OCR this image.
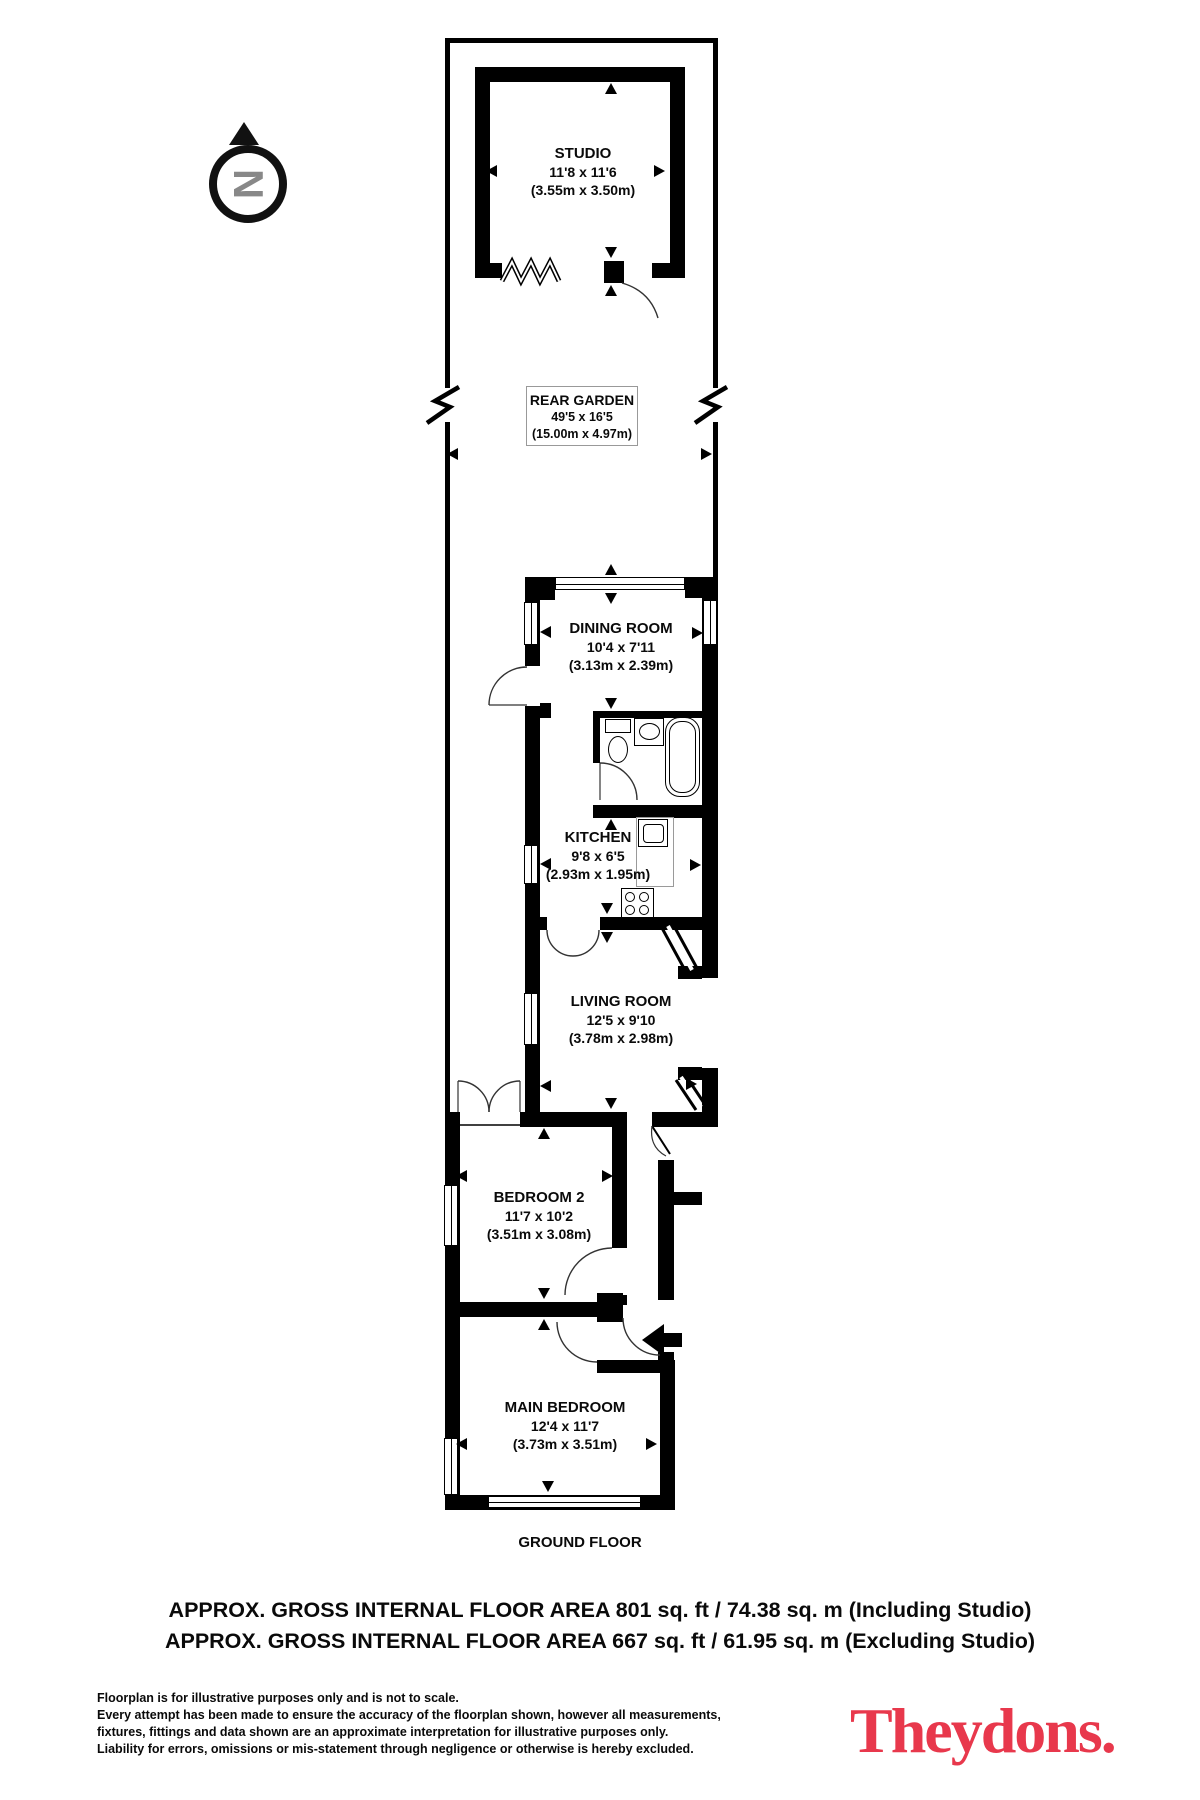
N
STUDIO
11'8 x 11'6
(3.55m x 3.50m)
REAR GARDEN
49'5 x 16'5
(15.00m x 4.97m)
DINING ROOM
10'4 x 7'11
(3.13m x 2.39m)
KITCHEN
9'8 x 6'5
(2.93m x 1.95m)
LIVING ROOM
12'5 x 9'10
(3.78m x 2.98m)
BEDROOM 2
11'7 x 10'2
(3.51m x 3.08m)
MAIN BEDROOM
12'4 x 11'7
(3.73m x 3.51m)
GROUND FLOOR
APPROX. GROSS INTERNAL FLOOR AREA 801 sq. ft / 74.38 sq. m (Including Studio)
APPROX. GROSS INTERNAL FLOOR AREA 667 sq. ft / 61.95 sq. m (Excluding Studio)
Floorplan is for illustrative purposes only and is not to scale.
Every attempt has been made to ensure the accuracy of the floorplan shown, however all measurements,
fixtures, fittings and data shown are an approximate interpretation for illustrative purposes only.
Liability for errors, omissions or mis-statement through negligence or otherwise is hereby excluded.	Theydons.
